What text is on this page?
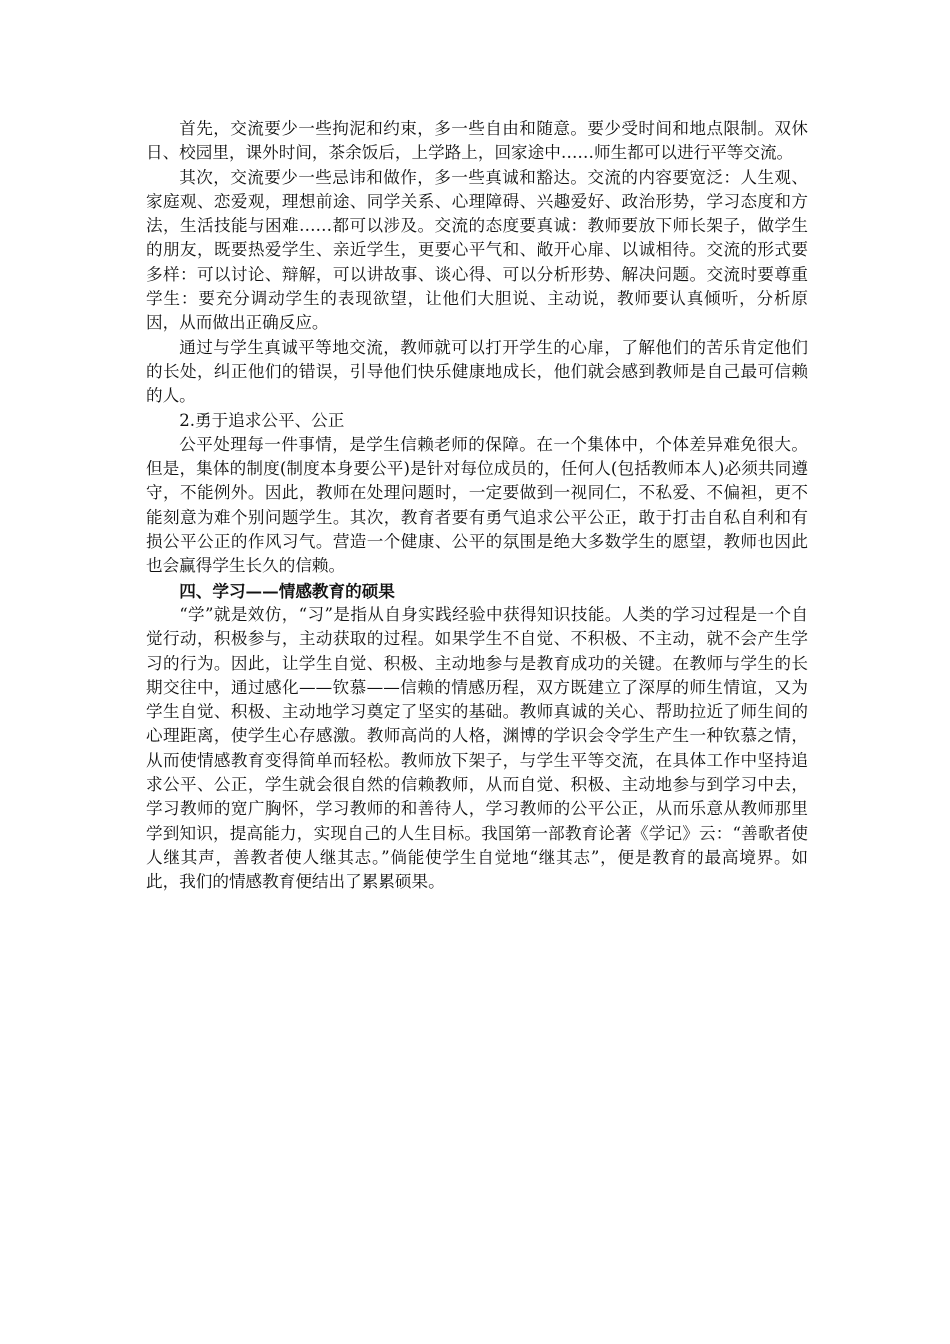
首先，交流要少一些拘泥和约束，多一些自由和随意。要少受时间和地点限制。双休日、校园里，课外时间，茶余饭后，上学路上，回家途中……师生都可以进行平等交流。

其次，交流要少一些忌讳和做作，多一些真诚和豁达。交流的内容要宽泛：人生观、家庭观、恋爱观，理想前途、同学关系、心理障碍、兴趣爱好、政治形势，学习态度和方法，生活技能与困难……都可以涉及。交流的态度要真诚：教师要放下师长架子，做学生的朋友，既要热爱学生、亲近学生，更要心平气和、敞开心扉、以诚相待。交流的形式要多样：可以讨论、辩解，可以讲故事、谈心得、可以分析形势、解决问题。交流时要尊重学生：要充分调动学生的表现欲望，让他们大胆说、主动说，教师要认真倾听，分析原因，从而做出正确反应。

通过与学生真诚平等地交流，教师就可以打开学生的心扉，了解他们的苦乐肯定他们的长处，纠正他们的错误，引导他们快乐健康地成长，他们就会感到教师是自己最可信赖的人。

2.勇于追求公平、公正

公平处理每一件事情，是学生信赖老师的保障。在一个集体中，个体差异难免很大。但是，集体的制度(制度本身要公平)是针对每位成员的，任何人(包括教师本人)必须共同遵守，不能例外。因此，教师在处理问题时，一定要做到一视同仁，不私爱、不偏袒，更不能刻意为难个别问题学生。其次，教育者要有勇气追求公平公正，敢于打击自私自利和有损公平公正的作风习气。营造一个健康、公平的氛围是绝大多数学生的愿望，教师也因此也会赢得学生长久的信赖。

四、学习——情感教育的硕果

“学”就是效仿，“习”是指从自身实践经验中获得知识技能。人类的学习过程是一个自觉行动，积极参与，主动获取的过程。如果学生不自觉、不积极、不主动，就不会产生学习的行为。因此，让学生自觉、积极、主动地参与是教育成功的关键。在教师与学生的长期交往中，通过感化——钦慕——信赖的情感历程，双方既建立了深厚的师生情谊，又为学生自觉、积极、主动地学习奠定了坚实的基础。教师真诚的关心、帮助拉近了师生间的心理距离，使学生心存感激。教师高尚的人格，渊博的学识会令学生产生一种钦慕之情，从而使情感教育变得简单而轻松。教师放下架子，与学生平等交流，在具体工作中坚持追求公平、公正，学生就会很自然的信赖教师，从而自觉、积极、主动地参与到学习中去，学习教师的宽广胸怀，学习教师的和善待人，学习教师的公平公正，从而乐意从教师那里学到知识，提高能力，实现自己的人生目标。我国第一部教育论著《学记》云：“善歌者使人继其声，善教者使人继其志。”倘能使学生自觉地“继其志”，便是教育的最高境界。如此，我们的情感教育便结出了累累硕果。
